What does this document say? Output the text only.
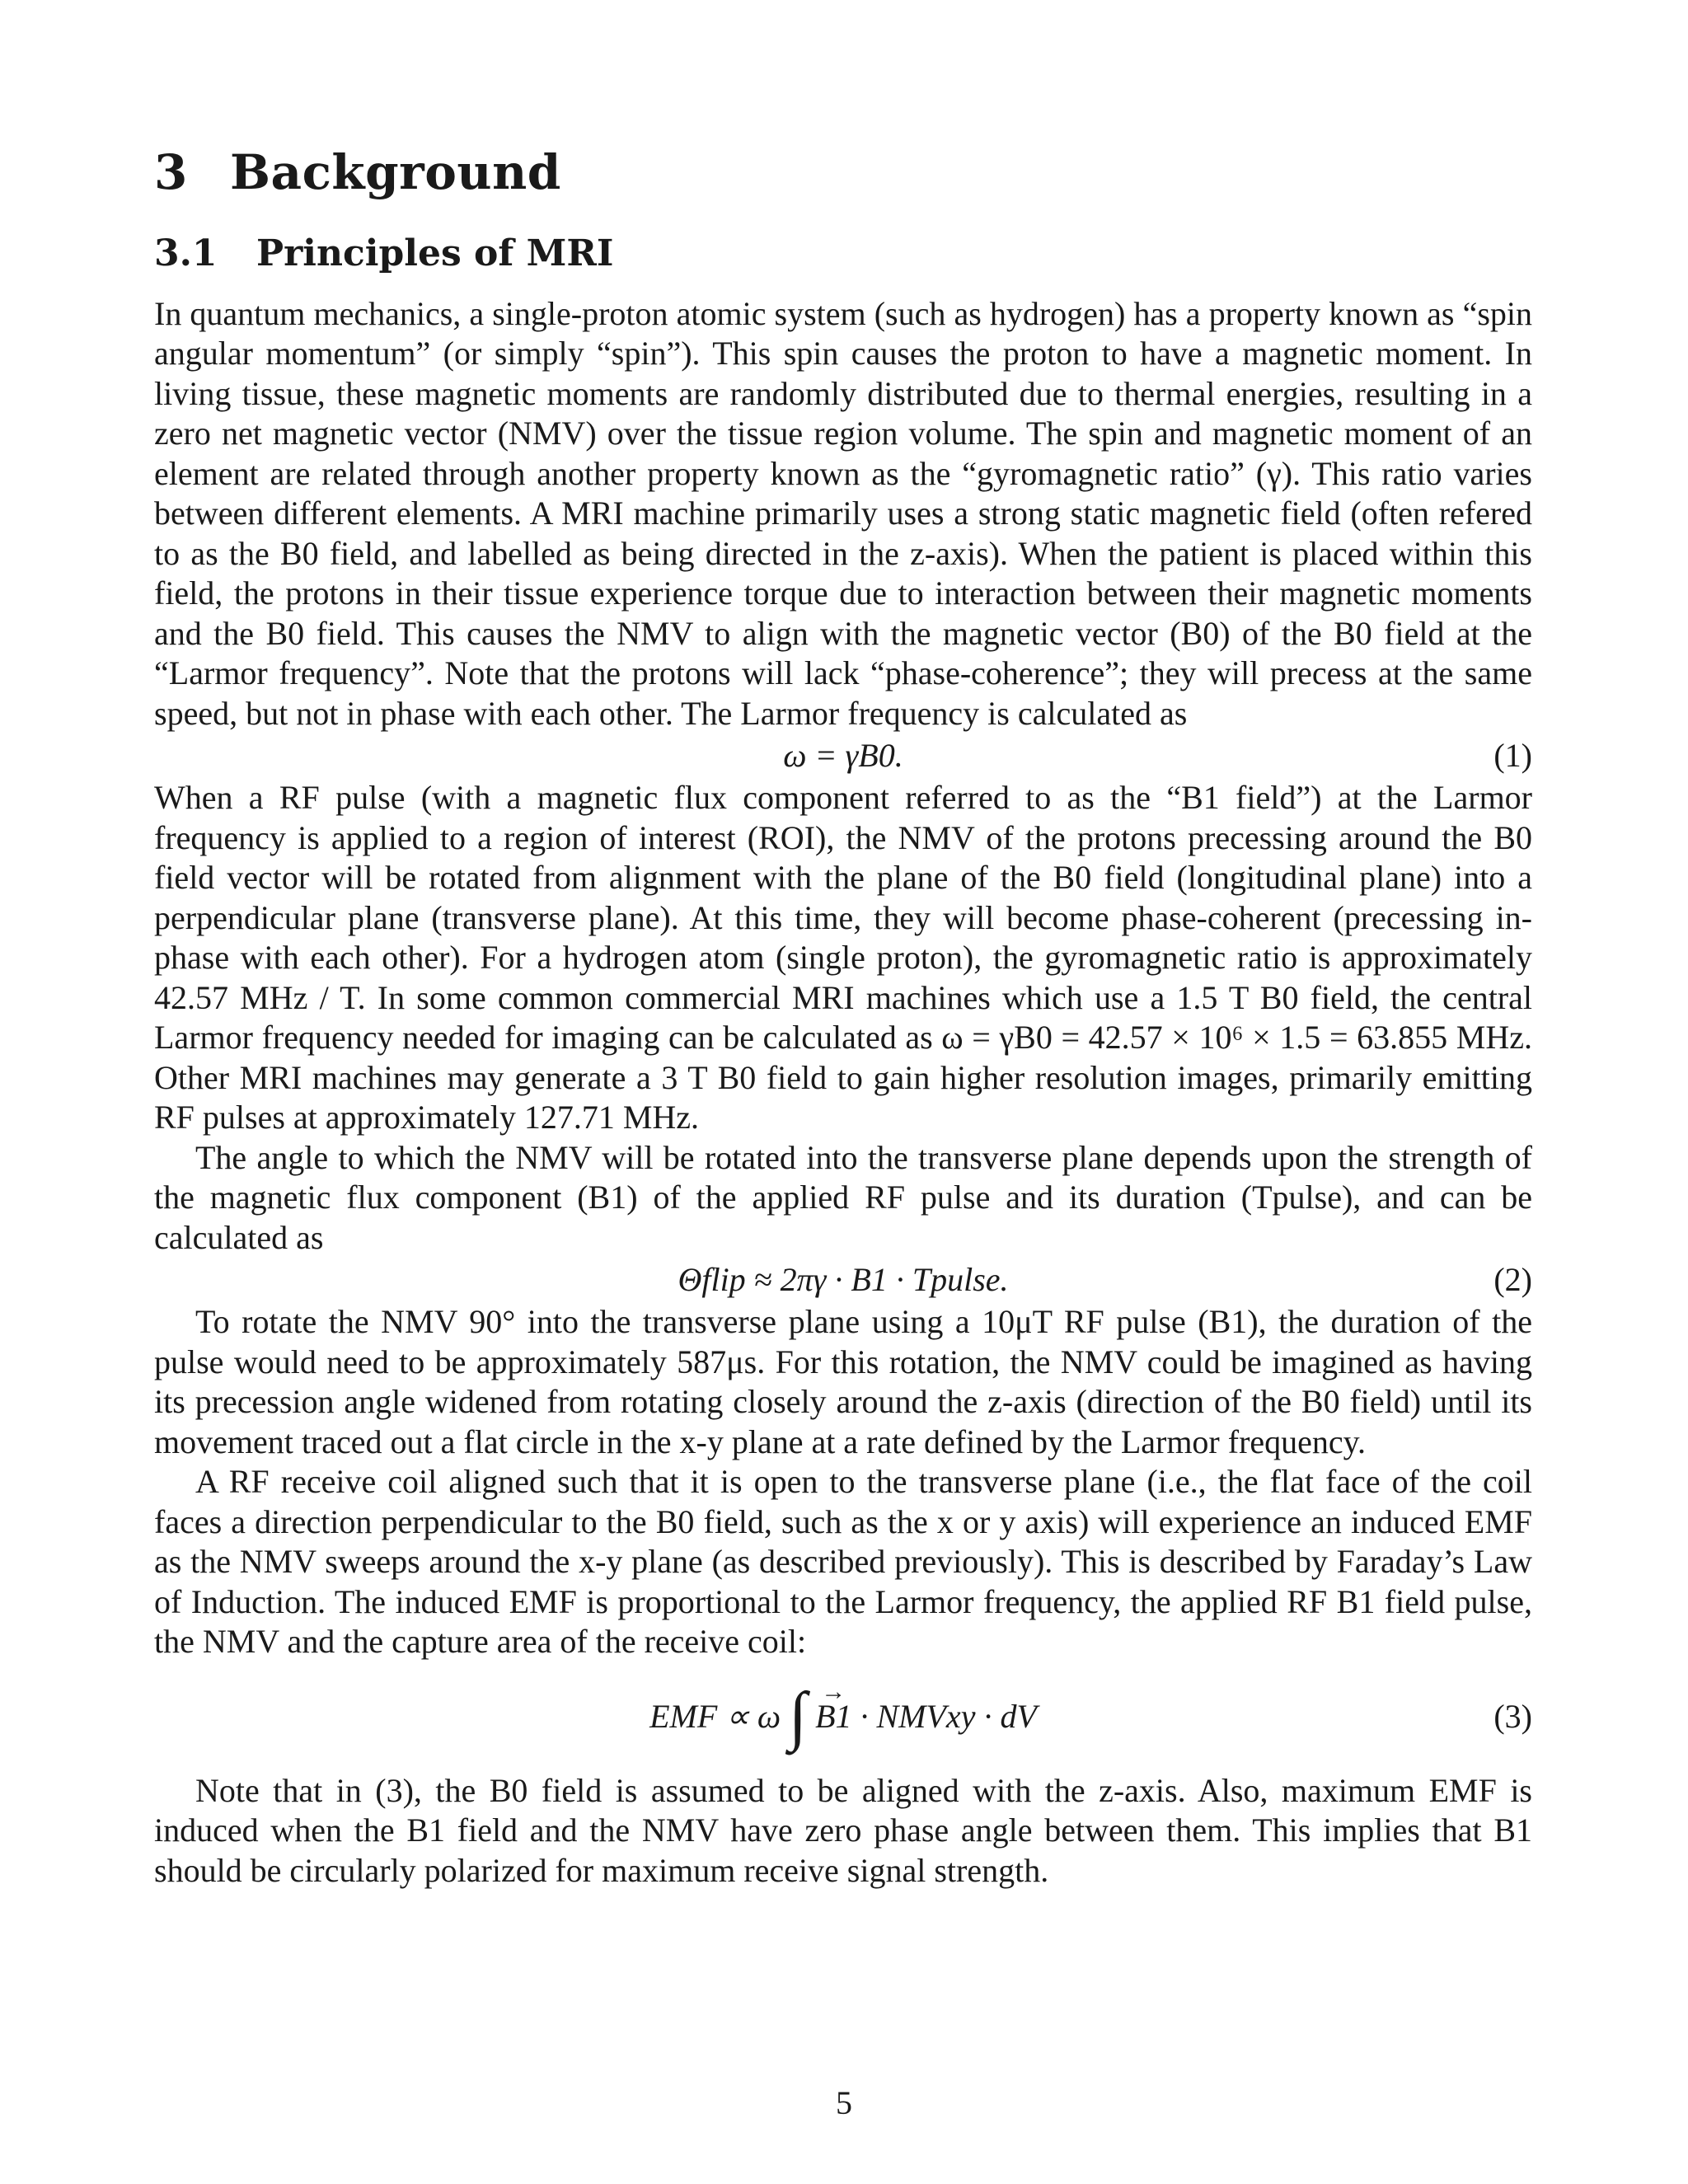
3 Background
3.1 Principles of MRI

In quantum mechanics, a single-proton atomic system (such as hydrogen) has a property known as “spin angular momentum” (or simply “spin”). This spin causes the proton to have a magnetic moment. In living tissue, these magnetic moments are randomly distributed due to thermal energies, resulting in a zero net magnetic vector (NMV) over the tissue region volume. The spin and magnetic moment of an element are related through another property known as the “gyromagnetic ratio” (γ). This ratio varies between different elements. A MRI machine primarily uses a strong static magnetic field (often refered to as the B0 field, and labelled as being directed in the z-axis). When the patient is placed within this field, the protons in their tissue experience torque due to interaction between their magnetic moments and the B0 field. This causes the NMV to align with the magnetic vector (B0) of the B0 field at the “Larmor frequency”. Note that the protons will lack “phase-coherence”; they will precess at the same speed, but not in phase with each other. The Larmor frequency is calculated as

ω = γB0.	(1)

When a RF pulse (with a magnetic flux component referred to as the “B1 field”) at the Larmor frequency is applied to a region of interest (ROI), the NMV of the protons precessing around the B0 field vector will be rotated from alignment with the plane of the B0 field (longitudinal plane) into a perpendicular plane (transverse plane). At this time, they will become phase-coherent (precessing in-phase with each other). For a hydrogen atom (single proton), the gyromagnetic ratio is approximately 42.57 MHz / T. In some common commercial MRI machines which use a 1.5 T B0 field, the central Larmor frequency needed for imaging can be calculated as ω = γB0 = 42.57 × 10⁶ × 1.5 = 63.855 MHz. Other MRI machines may generate a 3 T B0 field to gain higher resolution images, primarily emitting RF pulses at approximately 127.71 MHz.

The angle to which the NMV will be rotated into the transverse plane depends upon the strength of the magnetic flux component (B1) of the applied RF pulse and its duration (Tpulse), and can be calculated as

Θflip ≈ 2πγ · B1 · Tpulse.	(2)

To rotate the NMV 90° into the transverse plane using a 10μT RF pulse (B1), the duration of the pulse would need to be approximately 587μs. For this rotation, the NMV could be imagined as having its precession angle widened from rotating closely around the z-axis (direction of the B0 field) until its movement traced out a flat circle in the x-y plane at a rate defined by the Larmor frequency.

A RF receive coil aligned such that it is open to the transverse plane (i.e., the flat face of the coil faces a direction perpendicular to the B0 field, such as the x or y axis) will experience an induced EMF as the NMV sweeps around the x-y plane (as described previously). This is described by Faraday’s Law of Induction. The induced EMF is proportional to the Larmor frequency, the applied RF B1 field pulse, the NMV and the capture area of the receive coil:

EMF ∝ ω ∫ B1 → · NMVxy · dV	(3)

Note that in (3), the B0 field is assumed to be aligned with the z-axis. Also, maximum EMF is induced when the B1 field and the NMV have zero phase angle between them. This implies that B1 should be circularly polarized for maximum receive signal strength.

5
